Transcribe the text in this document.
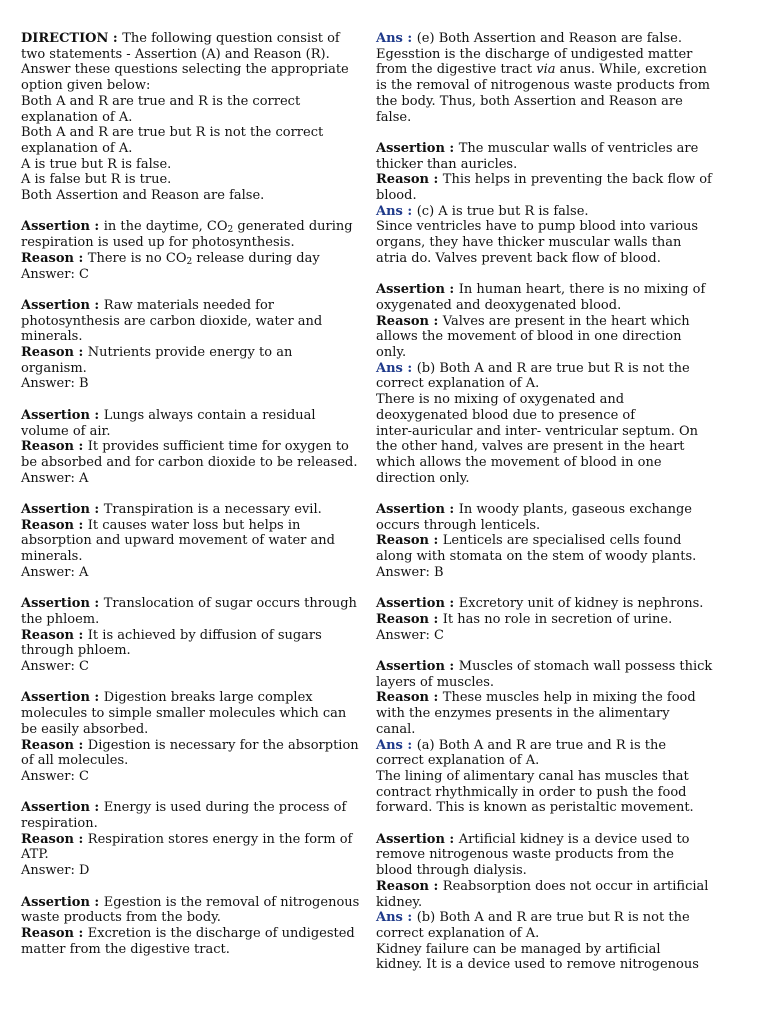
DIRECTION : The following question consist of
two statements - Assertion (A) and Reason (R).
Answer these questions selecting the appropriate
option given below:
Both A and R are true and R is the correct
explanation of A.
Both A and R are true but R is not the correct
explanation of A.
A is true but R is false.
A is false but R is true.
Both Assertion and Reason are false.
Assertion : in the daytime, $CO_2$ generated during
respiration is used up for photosynthesis.
Reason : There is no $CO_2$ release during day
Answer: C
Assertion : Raw materials needed for
photosynthesis are carbon dioxide, water and
minerals.
Reason : Nutrients provide energy to an
organism.
Answer: B
Assertion : Lungs always contain a residual
volume of air.
Reason : It provides sufficient time for oxygen to
be absorbed and for carbon dioxide to be released.
Answer: A
Assertion : Transpiration is a necessary evil.
Reason : It causes water loss but helps in
absorption and upward movement of water and
minerals.
Answer: A
Assertion : Translocation of sugar occurs through
the phloem.
Reason : It is achieved by diffusion of sugars
through phloem.
Answer: C
Assertion : Digestion breaks large complex
molecules to simple smaller molecules which can
be easily absorbed.
Reason : Digestion is necessary for the absorption
of all molecules.
Answer: C
Assertion : Energy is used during the process of
respiration.
Reason : Respiration stores energy in the form of
ATP.
Answer: D
Assertion : Egestion is the removal of nitrogenous
waste products from the body.
Reason : Excretion is the discharge of undigested
matter from the digestive tract.
Ans : (e) Both Assertion and Reason are false.
Egesstion is the discharge of undigested matter
from the digestive tract via anus. While, excretion
is the removal of nitrogenous waste products from
the body. Thus, both Assertion and Reason are
false.
Assertion : The muscular walls of ventricles are
thicker than auricles.
Reason : This helps in preventing the back flow of
blood.
Ans : (c) A is true but R is false.
Since ventricles have to pump blood into various
organs, they have thicker muscular walls than
atria do. Valves prevent back flow of blood.
Assertion : In human heart, there is no mixing of
oxygenated and deoxygenated blood.
Reason : Valves are present in the heart which
allows the movement of blood in one direction
only.
Ans : (b) Both A and R are true but R is not the
correct explanation of A.
There is no mixing of oxygenated and
deoxygenated blood due to presence of
inter-auricular and inter- ventricular septum. On
the other hand, valves are present in the heart
which allows the movement of blood in one
direction only.
Assertion : In woody plants, gaseous exchange
occurs through lenticels.
Reason : Lenticels are specialised cells found
along with stomata on the stem of woody plants.
Answer: B
Assertion : Excretory unit of kidney is nephrons.
Reason : It has no role in secretion of urine.
Answer: C
Assertion : Muscles of stomach wall possess thick
layers of muscles.
Reason : These muscles help in mixing the food
with the enzymes presents in the alimentary
canal.
Ans : (a) Both A and R are true and R is the
correct explanation of A.
The lining of alimentary canal has muscles that
contract rhythmically in order to push the food
forward. This is known as peristaltic movement.
Assertion : Artificial kidney is a device used to
remove nitrogenous waste products from the
blood through dialysis.
Reason : Reabsorption does not occur in artificial
kidney.
Ans : (b) Both A and R are true but R is not the
correct explanation of A.
Kidney failure can be managed by artificial
kidney. It is a device used to remove nitrogenous
